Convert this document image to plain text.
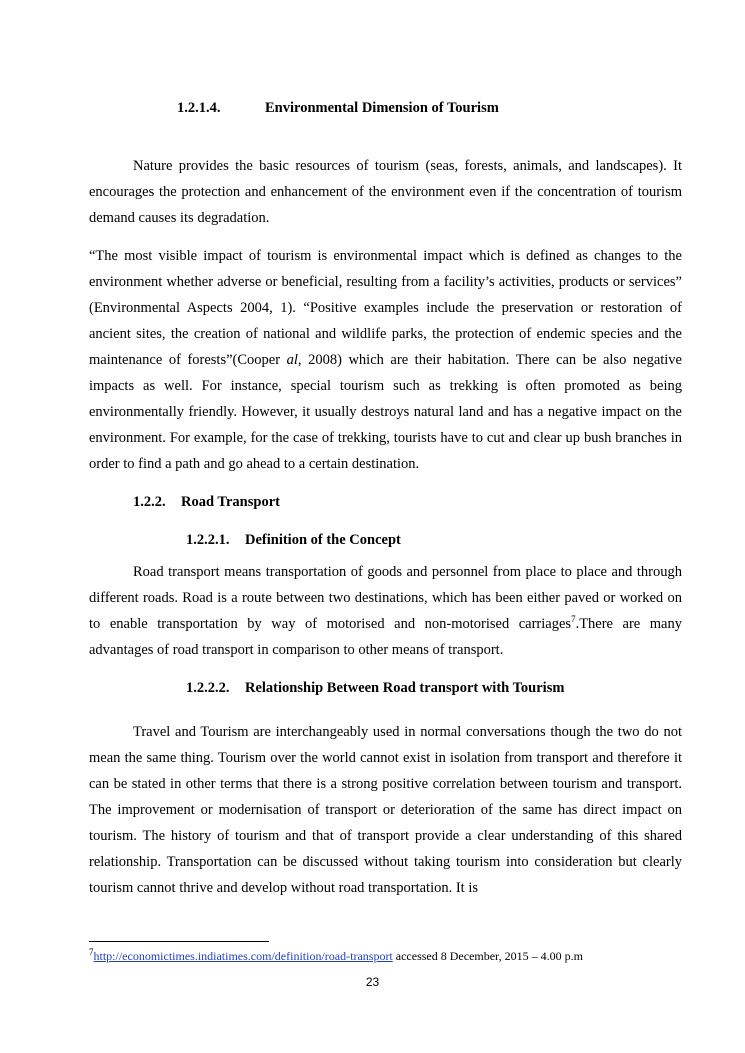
1.2.1.4.	Environmental Dimension of Tourism

Nature provides the basic resources of tourism (seas, forests, animals, and landscapes). It encourages the protection and enhancement of the environment even if the concentration of tourism demand causes its degradation.

“The most visible impact of tourism is environmental impact which is defined as changes to the environment whether adverse or beneficial, resulting from a facility’s activities, products or services” (Environmental Aspects 2004, 1). “Positive examples include the preservation or restoration of ancient sites, the creation of national and wildlife parks, the protection of endemic species and the maintenance of forests”(Cooper al, 2008) which are their habitation. There can be also negative impacts as well. For instance, special tourism such as trekking is often promoted as being environmentally friendly. However, it usually destroys natural land and has a negative impact on the environment. For example, for the case of trekking, tourists have to cut and clear up bush branches in order to find a path and go ahead to a certain destination.

1.2.2. Road Transport
1.2.2.1. Definition of the Concept

Road transport means transportation of goods and personnel from place to place and through different roads. Road is a route between two destinations, which has been either paved or worked on to enable transportation by way of motorised and non-motorised carriages$^7$.There are many advantages of road transport in comparison to other means of transport.

1.2.2.2. Relationship Between Road transport with Tourism

Travel and Tourism are interchangeably used in normal conversations though the two do not mean the same thing. Tourism over the world cannot exist in isolation from transport and therefore it can be stated in other terms that there is a strong positive correlation between tourism and transport. The improvement or modernisation of transport or deterioration of the same has direct impact on tourism. The history of tourism and that of transport provide a clear understanding of this shared relationship. Transportation can be discussed without taking tourism into consideration but clearly tourism cannot thrive and develop without road transportation. It is

$^7$http://economictimes.indiatimes.com/definition/road-transport accessed 8 December, 2015 – 4.00 p.m
23
